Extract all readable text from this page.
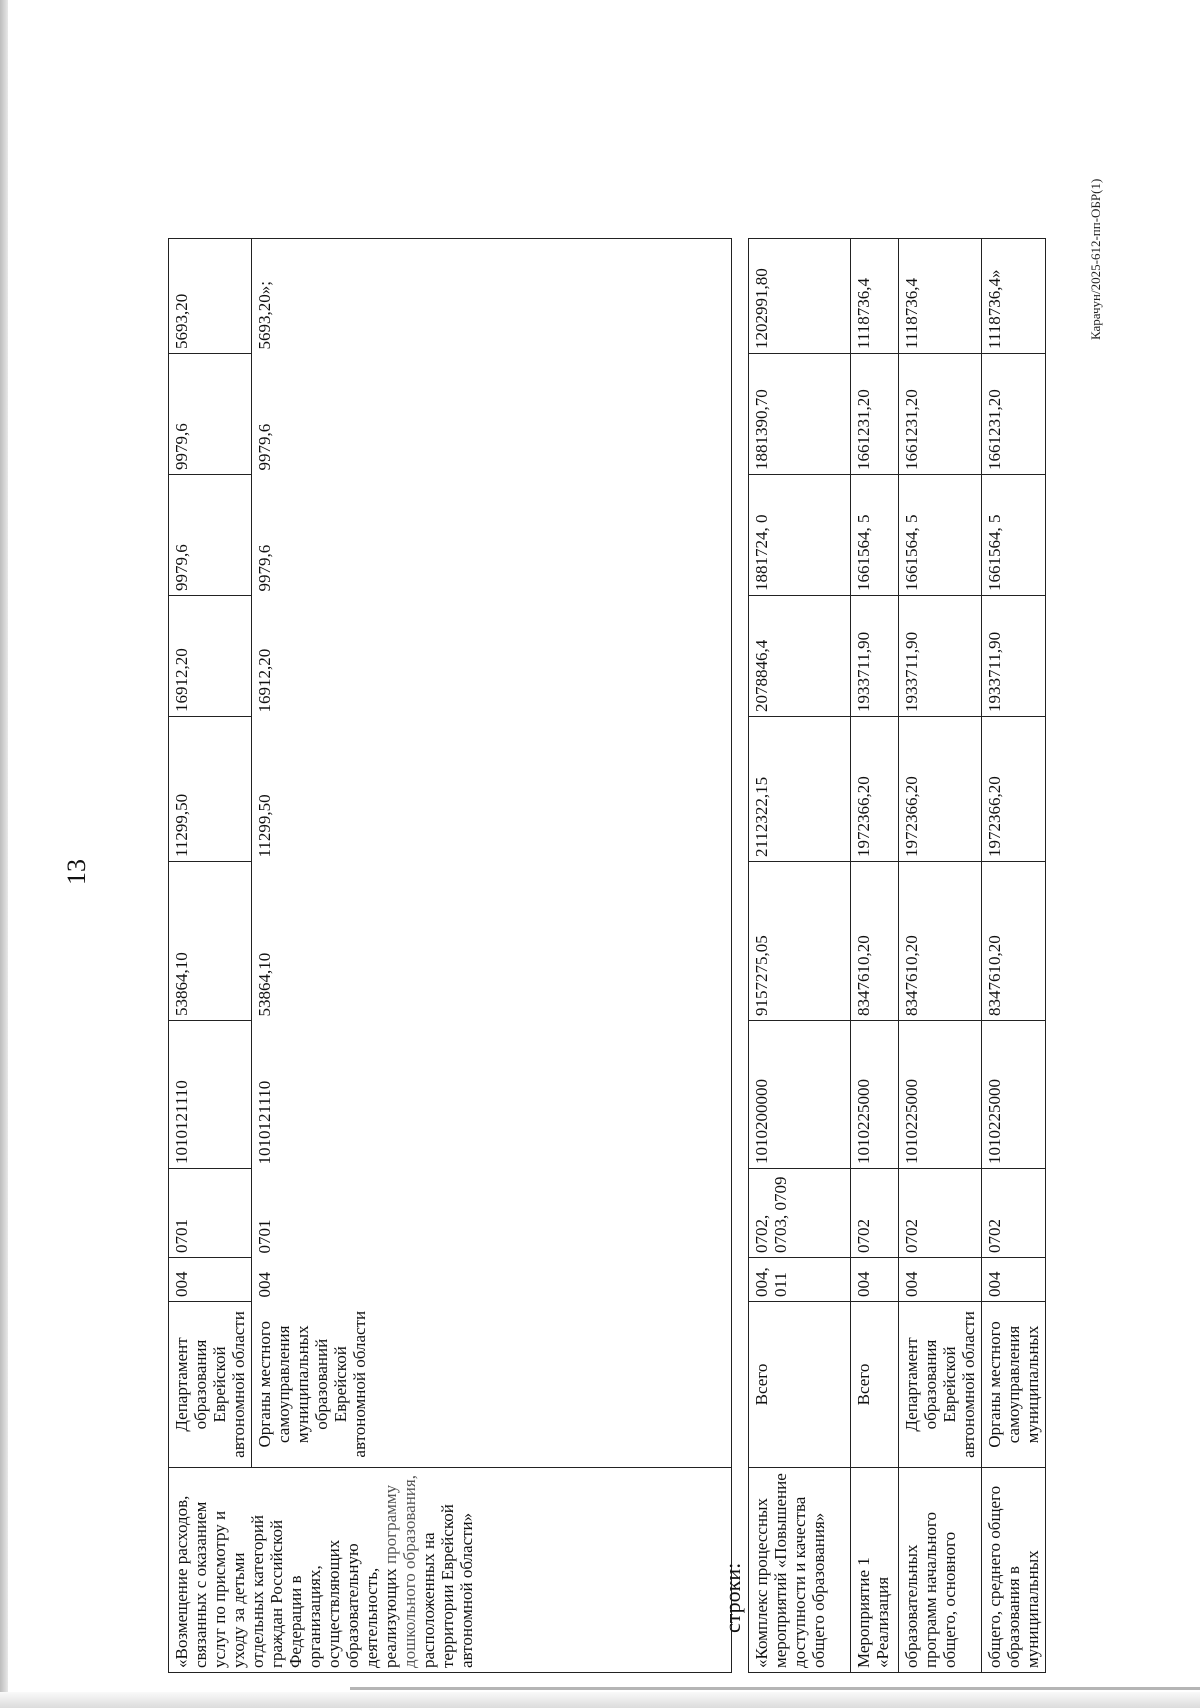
13
«Возмещение расходов, связанных с оказанием услуг по присмотру и уходу за детьми отдельных категорий граждан Российской Федерации в организациях, осуществляющих образовательную деятельность, реализующих программу дошкольного образования, расположенных на территории Еврейской автономной области»	Департамент образования Еврейской автономной области	004	0701	1010121110	53864,10	11299,50	16912,20	9979,6	9979,6	5693,20
	Органы местного самоуправления муниципальных образований Еврейской автономной области	004	0701	1010121110	53864,10	11299,50	16912,20	9979,6	9979,6	5693,20»;
строки: «Комплекс процессных мероприятий «Повышение доступности и качества общего образования»	Всего	004, 011	0702, 0703, 0709	1010200000	9157275,05	2112322,15	2078846,4	1881724, 0	1881390,70	1202991,80
Мероприятие 1 «Реализация	Всего	004	0702	1010225000	8347610,20	1972366,20	1933711,90	1661564, 5	1661231,20	1118736,4
образовательных программ начального общего, основного	Департамент образования Еврейской автономной области	004	0702	1010225000	8347610,20	1972366,20	1933711,90	1661564, 5	1661231,20	1118736,4
общего, среднего общего образования в муниципальных	Органы местного самоуправления муниципальных	004	0702	1010225000	8347610,20	1972366,20	1933711,90	1661564, 5	1661231,20	1118736,4»	Карачун/2025-612-пп-ОБР(1)
